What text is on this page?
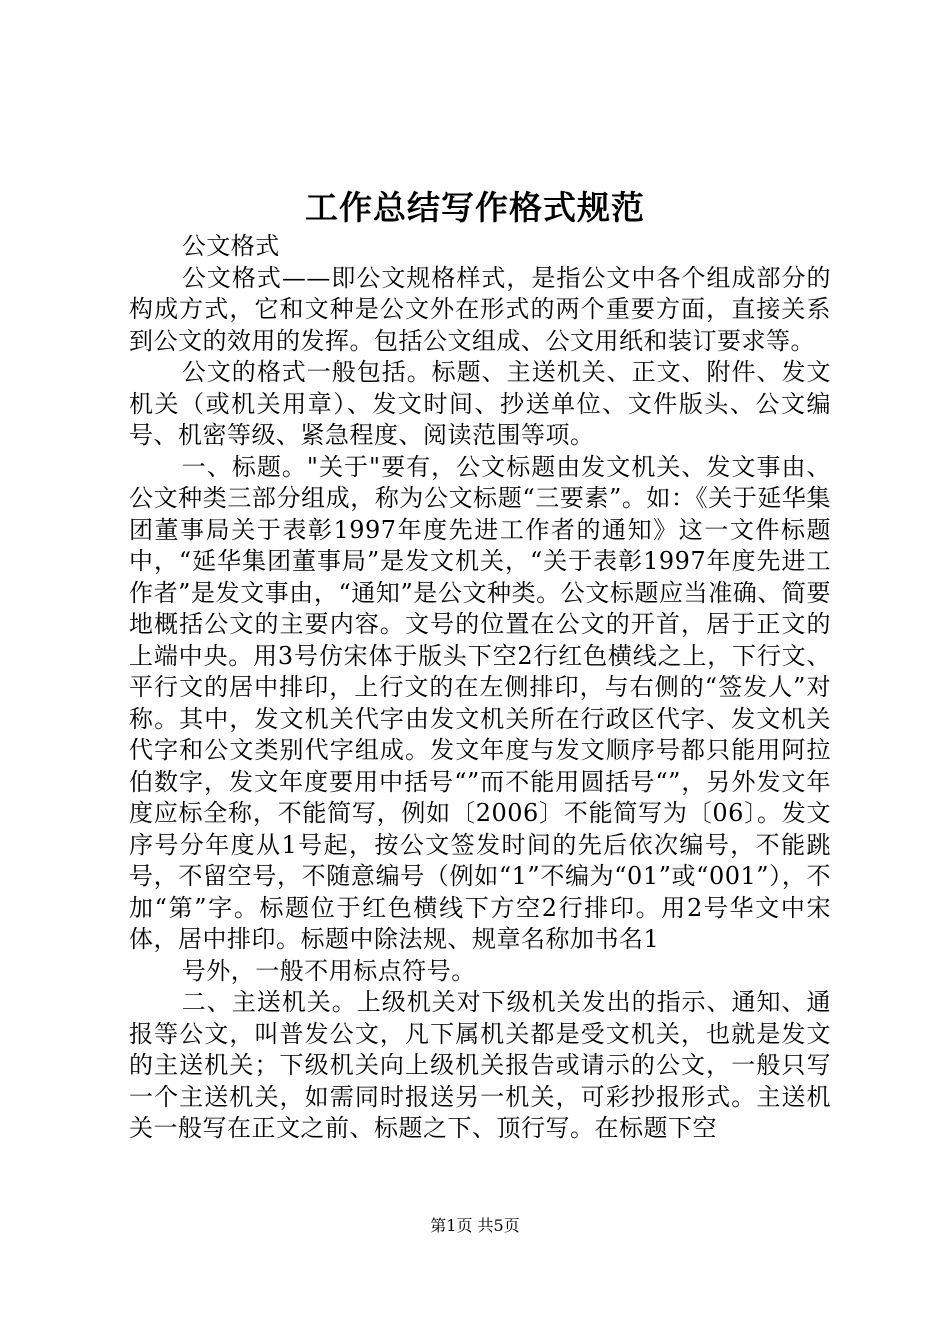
工作总结写作格式规范

公文格式

公文格式——即公文规格样式，是指公文中各个组成部分的构成方式，它和文种是公文外在形式的两个重要方面，直接关系到公文的效用的发挥。包括公文组成、公文用纸和装订要求等。

公文的格式一般包括。标题、主送机关、正文、附件、发文机关（或机关用章）、发文时间、抄送单位、文件版头、公文编号、机密等级、紧急程度、阅读范围等项。

一、标题。"关于"要有，公文标题由发文机关、发文事由、公文种类三部分组成，称为公文标题“三要素”。如：《关于延华集团董事局关于表彰1997年度先进工作者的通知》这一文件标题中，“延华集团董事局”是发文机关，“关于表彰1997年度先进工作者”是发文事由，“通知”是公文种类。公文标题应当准确、简要地概括公文的主要内容。文号的位置在公文的开首，居于正文的上端中央。用3号仿宋体于版头下空2行红色横线之上，下行文、平行文的居中排印，上行文的在左侧排印，与右侧的“签发人”对称。其中，发文机关代字由发文机关所在行政区代字、发文机关代字和公文类别代字组成。发文年度与发文顺序号都只能用阿拉伯数字，发文年度要用中括号“”而不能用圆括号“”，另外发文年度应标全称，不能简写，例如〔2006〕不能简写为〔06〕。发文序号分年度从1号起，按公文签发时间的先后依次编号，不能跳号，不留空号，不随意编号（例如“1”不编为“01”或“001”），不加“第”字。标题位于红色横线下方空2行排印。用2号华文中宋体，居中排印。标题中除法规、规章名称加书名1

号外，一般不用标点符号。

二、主送机关。上级机关对下级机关发出的指示、通知、通报等公文，叫普发公文，凡下属机关都是受文机关，也就是发文的主送机关；下级机关向上级机关报告或请示的公文，一般只写一个主送机关，如需同时报送另一机关，可彩抄报形式。主送机关一般写在正文之前、标题之下、顶行写。在标题下空

第1页 共5页
